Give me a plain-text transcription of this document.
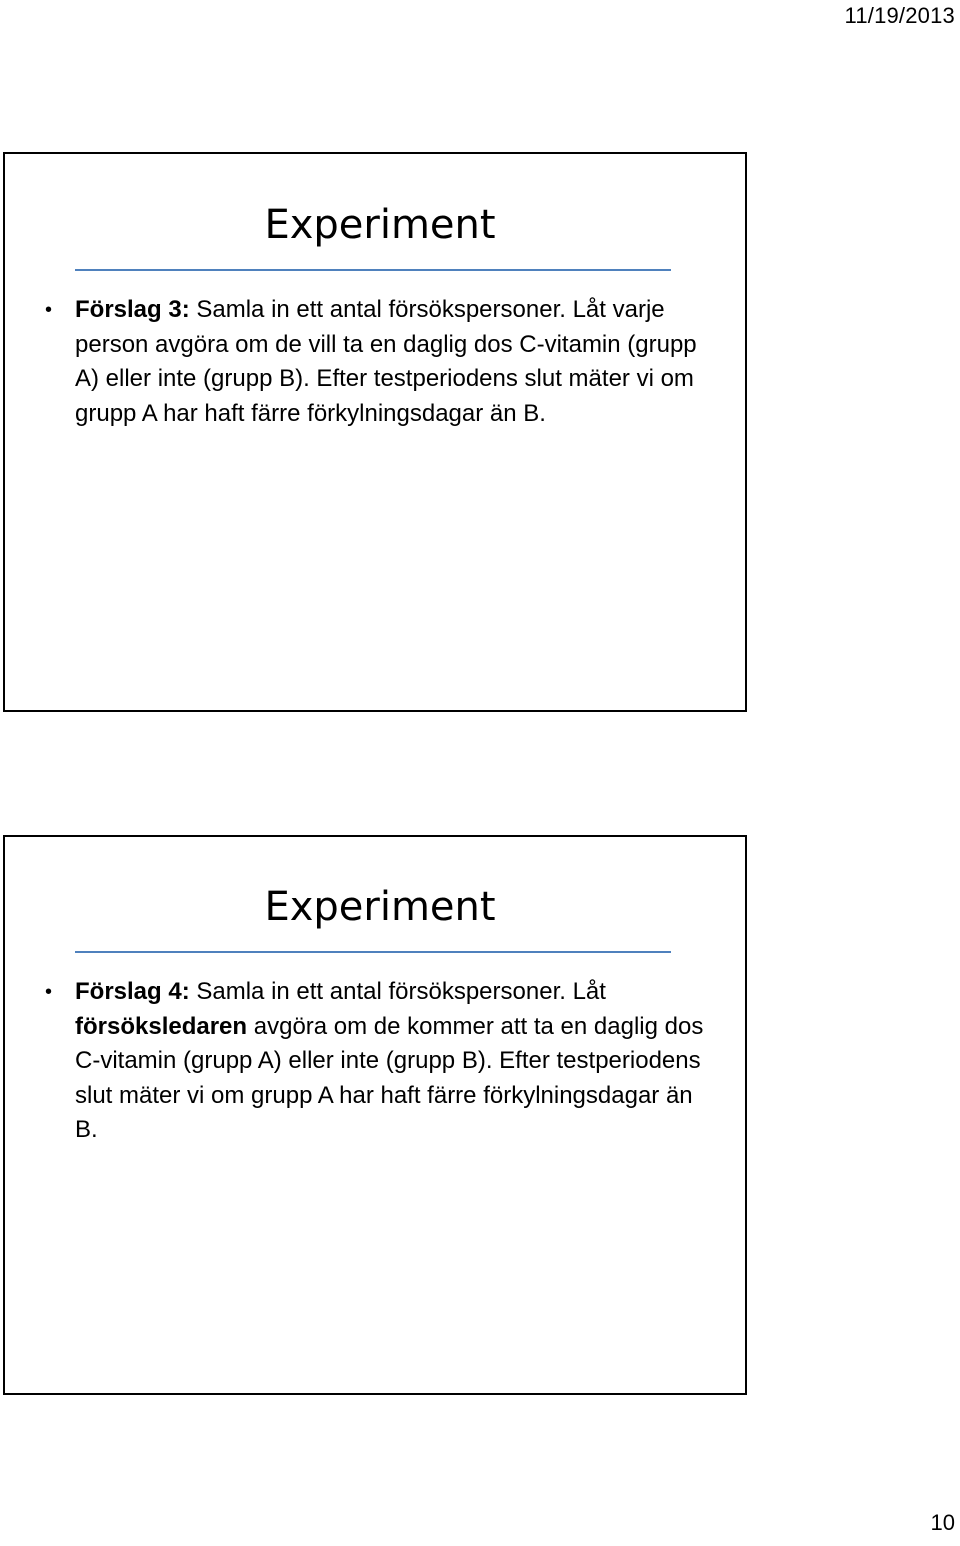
11/19/2013
Experiment
• Förslag 3: Samla in ett antal försökspersoner. Låt varje person avgöra om de vill ta en daglig dos C-vitamin (grupp A) eller inte (grupp B). Efter testperiodens slut mäter vi om grupp A har haft färre förkylningsdagar än B.
Experiment
• Förslag 4: Samla in ett antal försökspersoner. Låt försöksledaren avgöra om de kommer att ta en daglig dos C-vitamin (grupp A) eller inte (grupp B). Efter testperiodens slut mäter vi om grupp A har haft färre förkylningsdagar än B.
10
